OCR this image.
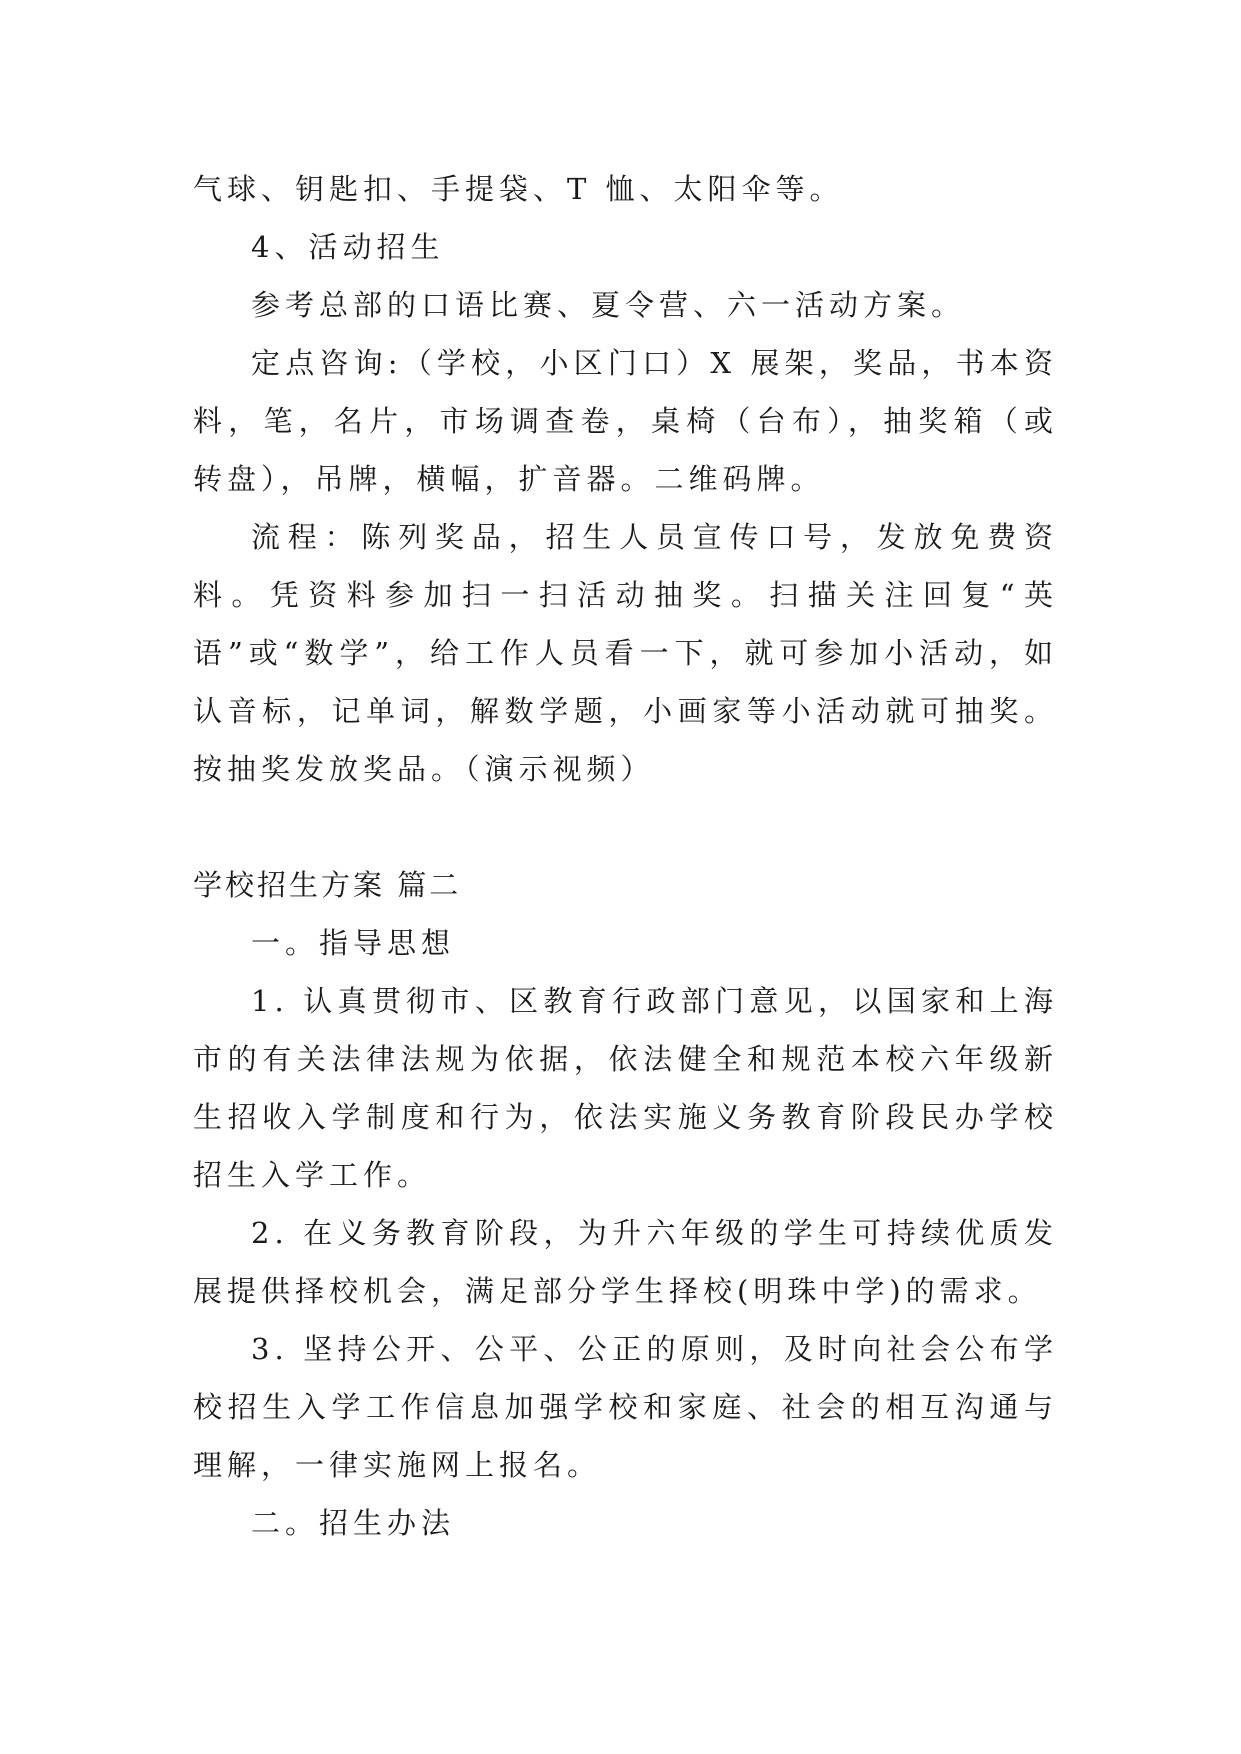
气球、钥匙扣、手提袋、T 恤、太阳伞等。

4、活动招生

参考总部的口语比赛、夏令营、六一活动方案。

定点咨询:（学校，小区门口）X 展架，奖品，书本资料，笔，名片，市场调查卷，桌椅（台布），抽奖箱（或转盘），吊牌，横幅，扩音器。二维码牌。

流程：陈列奖品，招生人员宣传口号，发放免费资料。凭资料参加扫一扫活动抽奖。扫描关注回复“英语”或“数学”，给工作人员看一下，就可参加小活动，如认音标，记单词，解数学题，小画家等小活动就可抽奖。按抽奖发放奖品。（演示视频）

学校招生方案 篇二

一。指导思想

1. 认真贯彻市、区教育行政部门意见，以国家和上海市的有关法律法规为依据，依法健全和规范本校六年级新生招收入学制度和行为，依法实施义务教育阶段民办学校招生入学工作。

2. 在义务教育阶段，为升六年级的学生可持续优质发展提供择校机会，满足部分学生择校(明珠中学)的需求。

3. 坚持公开、公平、公正的原则，及时向社会公布学校招生入学工作信息加强学校和家庭、社会的相互沟通与理解，一律实施网上报名。

二。招生办法
